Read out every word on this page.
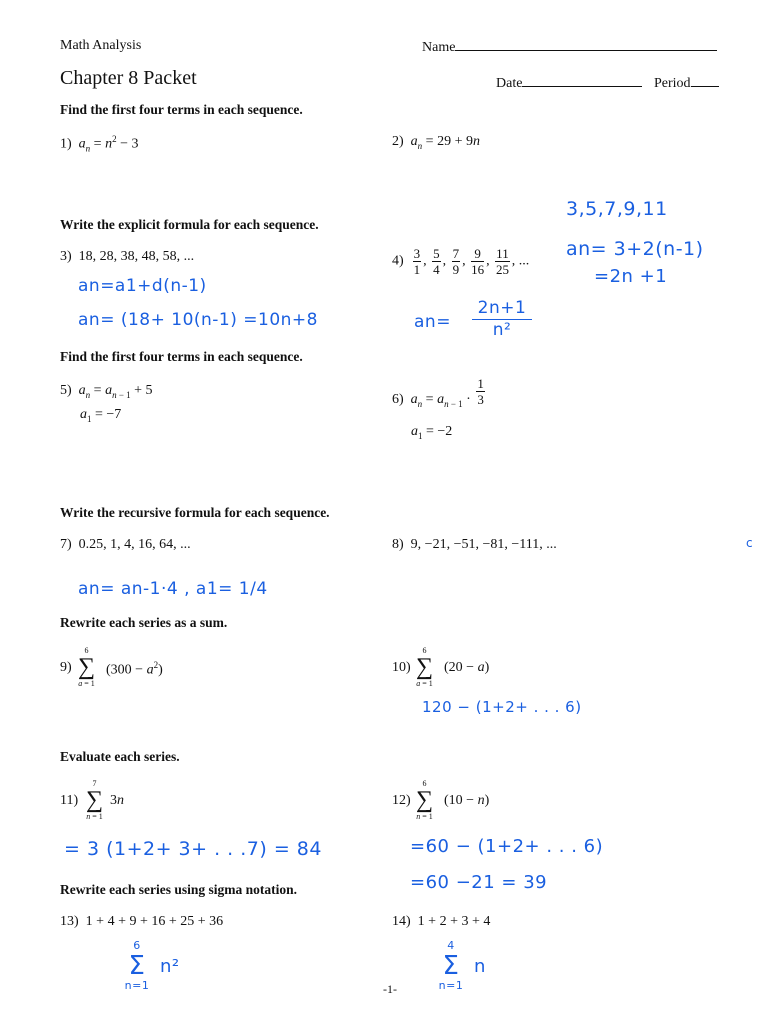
Math Analysis	Name
Chapter 8 Packet	Date	Period
Find the first four terms in each sequence.
1) $a_n = n^2 - 3$	2) $a_n = 29 + 9n$
Write the explicit formula for each sequence.
3) 18, 28, 38, 48, 58, ...	$4) \frac{3}{1}$ , $\frac{5}{4}$ , $\frac{7}{9}$ , $\frac{9}{16}$ , $\frac{11}{25}$ , ...
an=a1+d(n-1)
an= (18+ 10(n-1) =10n+8
3,5,7,9,11
an= 3+2(n-1)
=2n +1
an=
2n+1
n²
Find the first four terms in each sequence.
5) $a_n = a_{n - 1} + 5$
$a_1 = -7$
6) $a_n = a_{n - 1} \cdot \frac{1}{3}$
$a_1 = -2$
Write the recursive formula for each sequence.
7) 0.25, 1, 4, 16, 64, ...	8) 9, −21, −51, −81, −111, ...
an= an-1·4 , a1= 1/4
c
Rewrite each series as a sum.
9)
6
∑
a = 1
$(300 - a^2)$	10)
6
∑
a = 1
(20 − a)
120 − (1+2+ . . . 6)
Evaluate each series.
11)
7
∑
n = 1
3n	12)
6
∑
n = 1
(10 − n)
= 3 (1+2+ 3+ . . .7) = 84	=60 − (1+2+ . . . 6)
=60 −21 = 39
Rewrite each series using sigma notation.
13) 1 + 4 + 9 + 16 + 25 + 36	14) 1 + 2 + 3 + 4
6
Σ
n=1
n²
4
Σ
n=1
n
-1-
